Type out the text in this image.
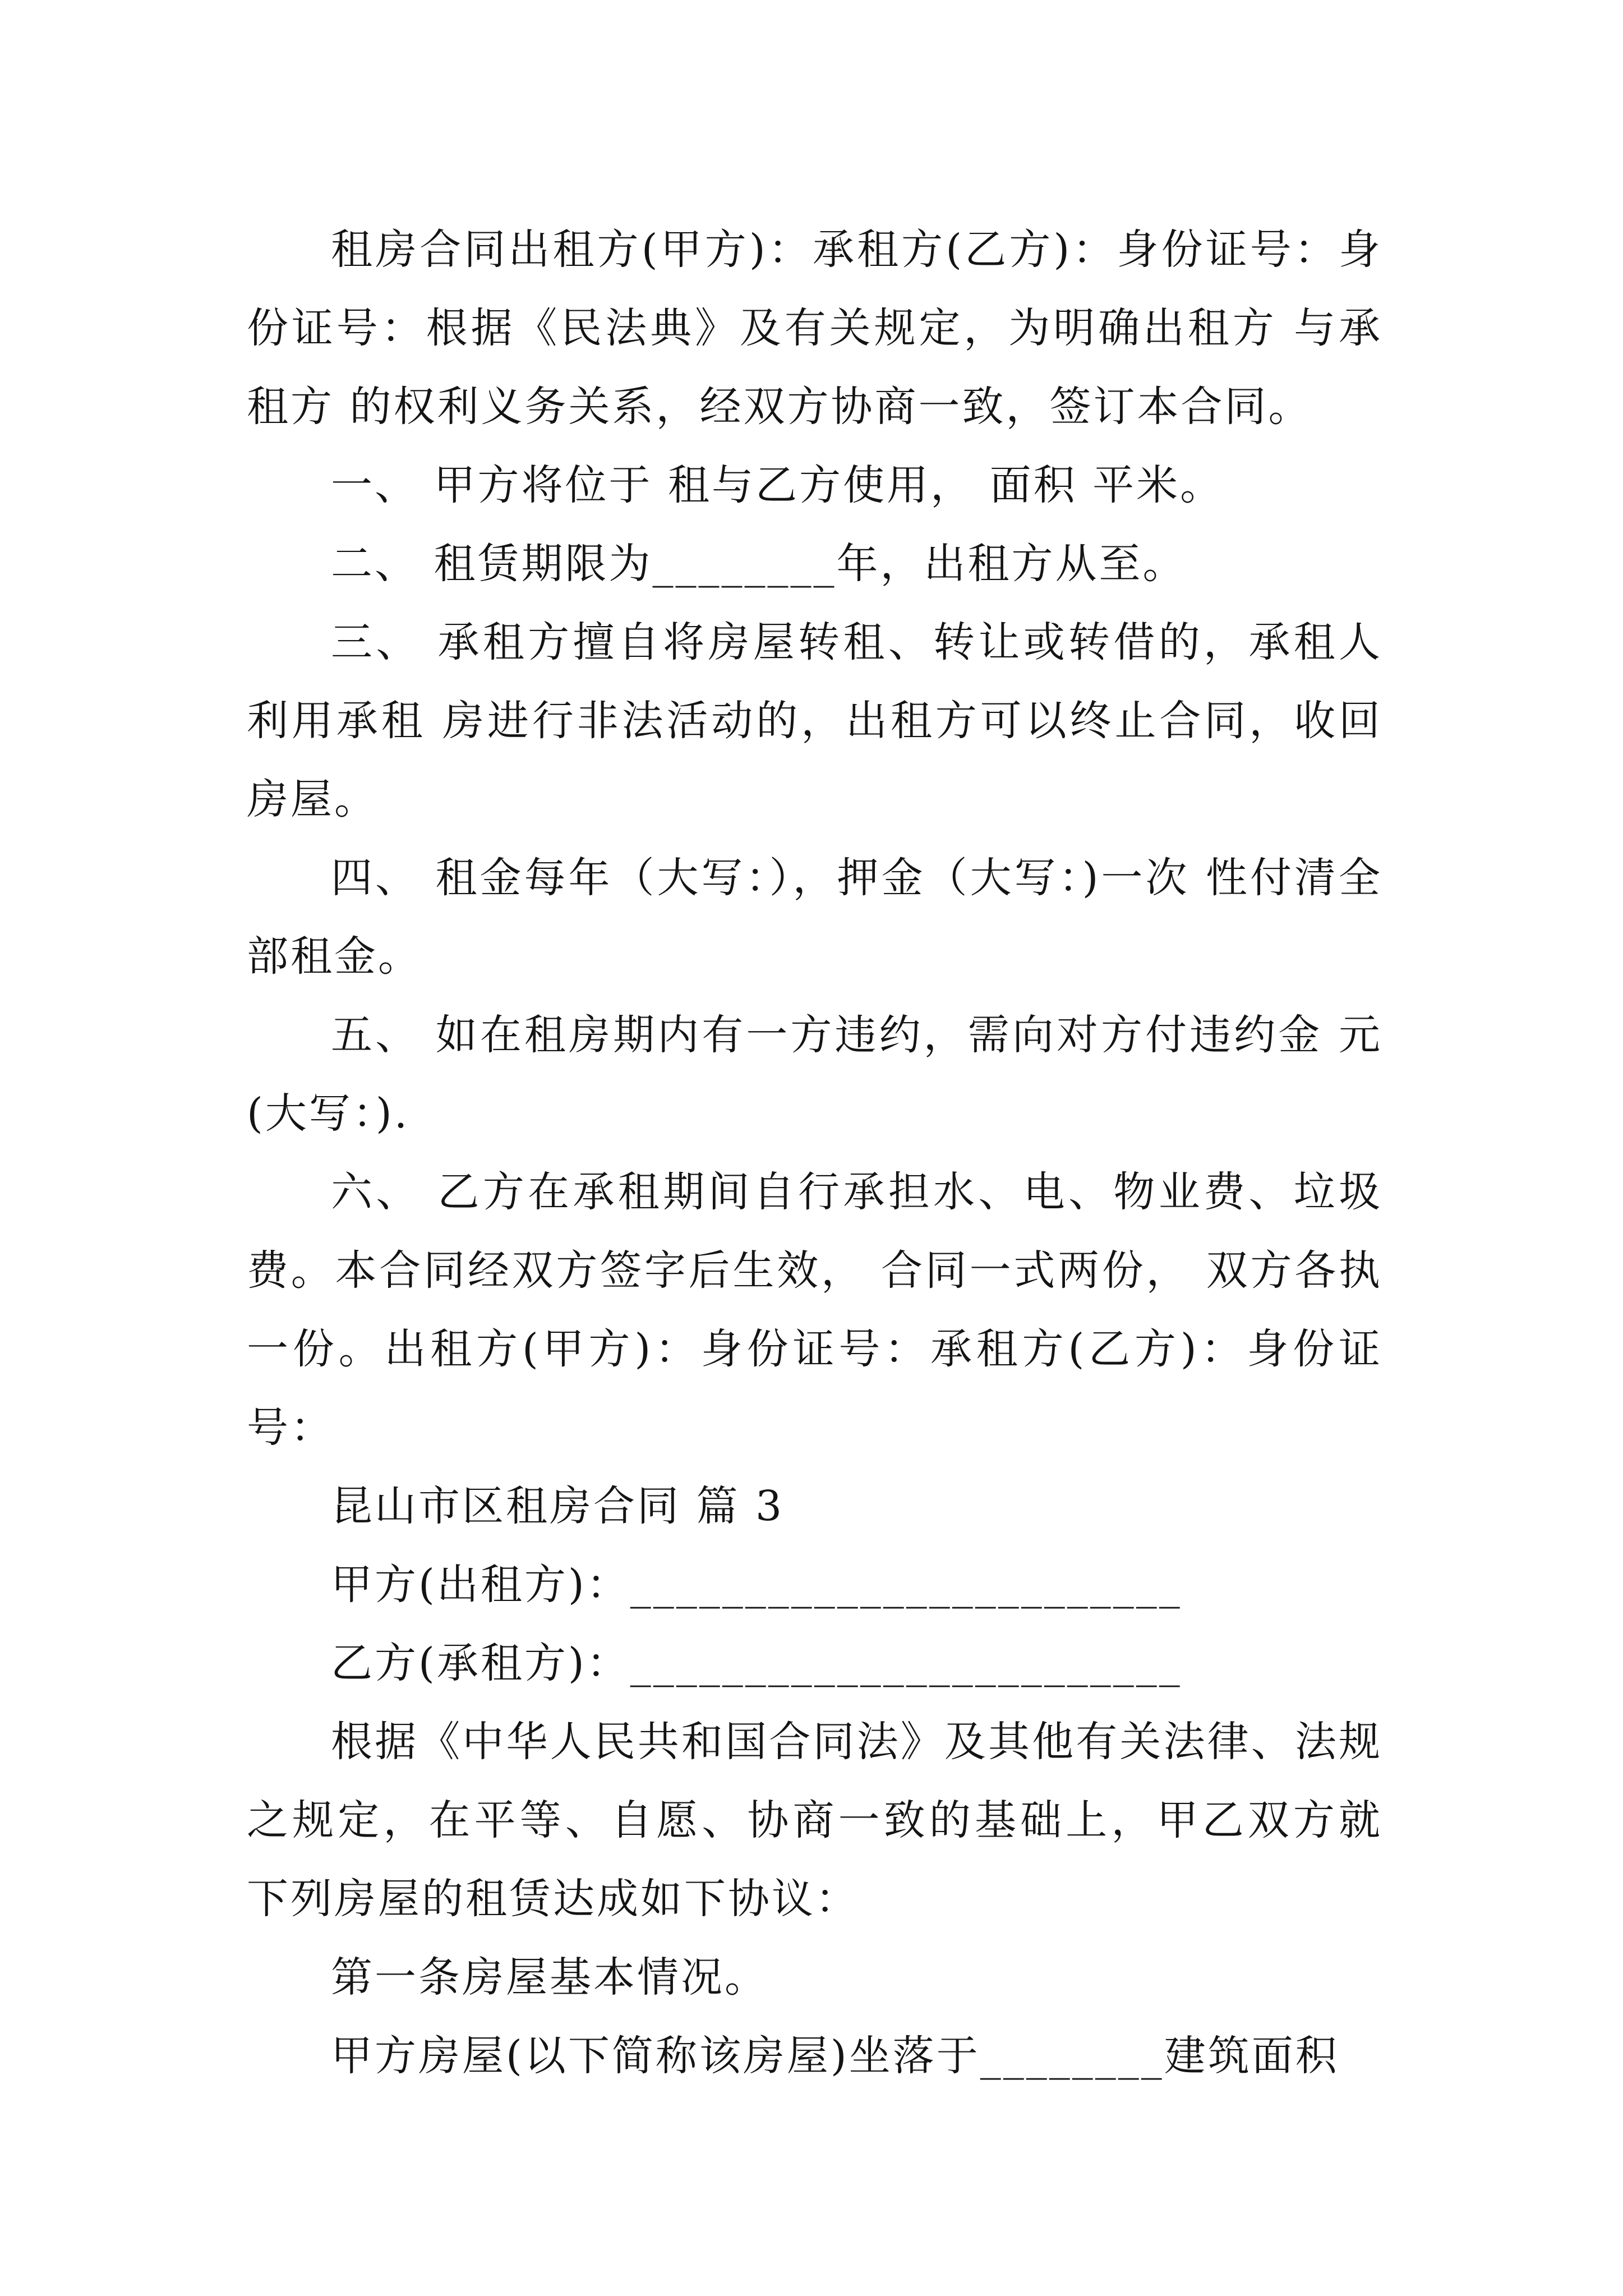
租房合同出租方(甲方)：承租方(乙方)：身份证号：身份证号：根据《民法典》及有关规定，为明确出租方 与承租方 的权利义务关系，经双方协商一致，签订本合同。

一、 甲方将位于 租与乙方使用， 面积 平米。

二、 租赁期限为________年，出租方从至。

三、 承租方擅自将房屋转租、转让或转借的，承租人利用承租 房进行非法活动的，出租方可以终止合同，收回房屋。

四、 租金每年（大写：），押金（大写：)一次 性付清全部租金。

五、 如在租房期内有一方违约，需向对方付违约金 元(大写：).

六、 乙方在承租期间自行承担水、电、物业费、垃圾费。本合同经双方签字后生效， 合同一式两份， 双方各执一份。出租方(甲方)：身份证号：承租方(乙方)：身份证号：

昆山市区租房合同 篇 3

甲方(出租方)：________________________

乙方(承租方)：________________________

根据《中华人民共和国合同法》及其他有关法律、法规之规定，在平等、自愿、协商一致的基础上，甲乙双方就下列房屋的租赁达成如下协议：

第一条房屋基本情况。

甲方房屋(以下简称该房屋)坐落于________建筑面积
